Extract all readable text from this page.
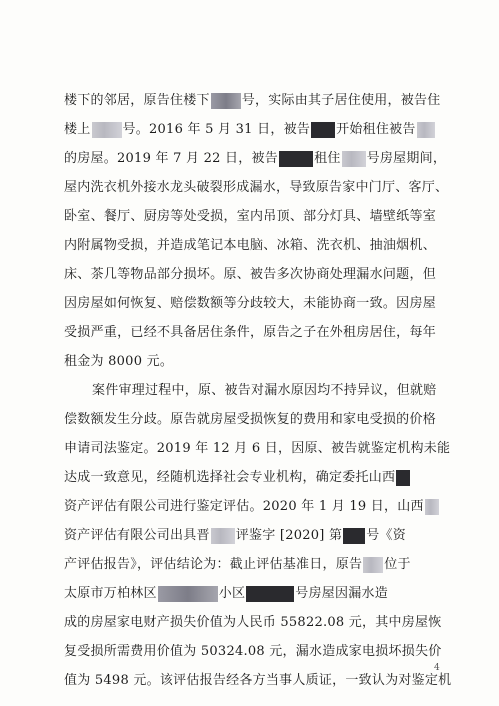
楼下的邻居，原告住楼下 号，实际由其子居住使用，被告住
楼上 号。2016 年 5 月 31 日，被告 开始租住被告
的房屋。2019 年 7 月 22 日，被告	租住 号房屋期间，
屋内洗衣机外接水龙头破裂形成漏水，导致原告家中门厅、客厅、
卧室、餐厅、厨房等处受损，室内吊顶、部分灯具、墙壁纸等室
内附属物受损，并造成笔记本电脑、冰箱、洗衣机、抽油烟机、
床、茶几等物品部分损坏。原、被告多次协商处理漏水问题，但
因房屋如何恢复、赔偿数额等分歧较大，未能协商一致。因房屋
受损严重，已经不具备居住条件，原告之子在外租房居住，每年
租金为 8000 元。
案件审理过程中，原、被告对漏水原因均不持异议，但就赔
偿数额发生分歧。原告就房屋受损恢复的费用和家电受损的价格
申请司法鉴定。2019 年 12 月 6 日，因原、被告就鉴定机构未能
达成一致意见，经随机选择社会专业机构，确定委托山西
资产评估有限公司进行鉴定评估。2020 年 1 月 19 日，山西
资产评估有限公司出具晋 评鉴字 [2020] 第 号《资
产评估报告》，评估结论为：截止评估基准日，原告 位于
太原市万柏林区	小区	号房屋因漏水造
成的房屋家电财产损失价值为人民币 55822.08 元，其中房屋恢
复受损所需费用价值为 50324.08 元，漏水造成家电损坏损失价
值为 5498 元。该评估报告经各方当事人质证，一致认为对鉴定机
4
